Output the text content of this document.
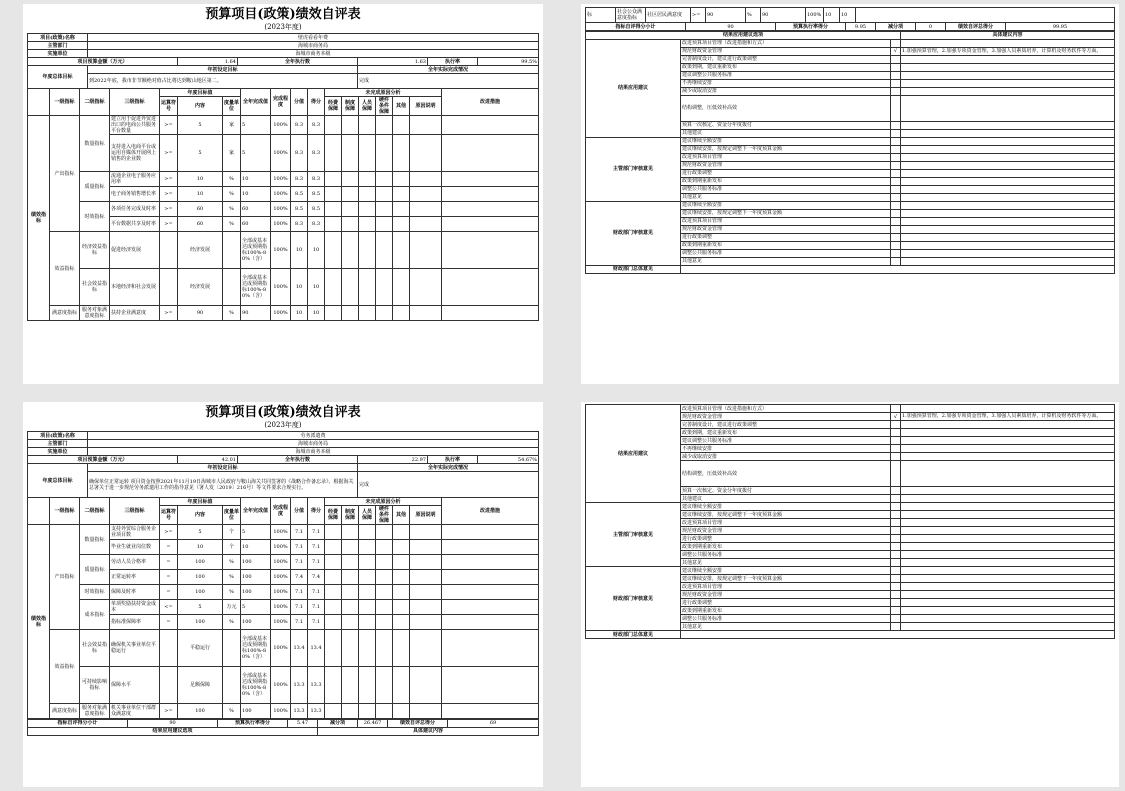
预算项目(政策)绩效自评表
(2023年度)
项目(政策)名称	壁虎看看年费					
主管部门	海城市商务局					
实施单位	海城市商务本级					
项目预算金额（万元）		1.64	全年执行数	1.63	执行率	99.5%
年度总体目标	年初设定目标			全年实际完成情况		
	到2022年底，我市非节额绝对值占比将达到鞍山地区第二。			完成		
	一级指标	二级指标	三级指标	年度目标值			全年完成值	完成程度	分值	得分	未完成原因分析						改进措施
				运算符号	内容	度量单位					经费保障	制度保障	人员保障	硬件条件保障	其他	原因说明	
绩效指标	产出指标	数量指标	建立用于促进外贸进出口的电商公共服务平台数量	>=	5	家	5	100%	8.3	8.3							
			支持进入电商平台或运用自媒体开展网上销售的企业数	>=	5	家	5	100%	8.3	8.3							
		质量指标	流通企业电子服务应用率	>=	10	%	10	100%	8.3	8.3							
			电子商务销售增长率	>=	10	%	10	100%	8.5	8.5							
		时效指标	各项任务完成及时率	>=	60	%	60	100%	8.5	8.5							
			平台数据共享及时率	>=	60	%	60	100%	8.3	8.3							
	效益指标	经济效益指标	促进经济发展		经济发展		全部或基本达成预期指标100%-80%（含）	100%	10	10							
		社会效益指标	本地经济和社会发展		经济发展		全部或基本达成预期指标100%-80%（含）	100%	10	10							
	满意度指标	服务对象满意度指标	扶持企业满意度	>=	90	%	90	100%	10	10							
标	社会公众满意度指标	社区居民满意度	>=	90	%	90	100%	10	10	
指标自评得分小计	90	预算执行率得分	9.95	减分项	0	绩效自评总得分	99.95
结果应用建议选项			具体建议内容
结果应用建议	改进预算项目管理（改进措施和方式）		
	规范财政资金管理	√	1.加强预算管理，2.加强专项资金管理，3.加强人员素质培养，计算机及财务软件等方面。
	完善制度设计，建议进行政策调整		
	政策到期，建议重新发布		
	建议调整公共服务标准		
	不再继续安排		
	减少或取消安排		
	结构调整，压低效补高效		
	预算一次核定、资金分年度拨付		
	其他建议		
主管部门审核意见	建议继续全额安排		
	建议继续安排，按规定调整下一年度预算金额		
	改进预算项目管理		
	规范财政资金管理		
	进行政策调整		
	政策到期重新发布		
	调整公共服务标准		
	其他意见		
财政部门审核意见	建议继续全额安排		
	建议继续安排，按规定调整下一年度预算金额		
	改进预算项目管理		
	规范财政资金管理		
	进行政策调整		
	政策到期重新发布		
	调整公共服务标准		
	其他意见		
财政部门总体意见			
预算项目(政策)绩效自评表
(2023年度)
项目(政策)名称	劳务派遣费					
主管部门	海城市商务局					
实施单位	海城市商务本级					
项目预算金额（万元）		42.01	全年执行数	22.97	执行率	54.67%
年度总体目标	年初设定目标			全年实际完成情况		
	确保单位正常运转 项目资金按照2021年11月19日海城市人民政府与鞍山海关共同签署的《战略合作备忘录》、根据海关总署关于进一步规范劳务派遣用工作的指导意见（署人发〔2019〕216号）等文件要求合规实行。			完成		
	一级指标	二级指标	三级指标	年度目标值			全年完成值	完成程度	分值	得分	未完成原因分析						改进措施
				运算符号	内容	度量单位					经费保障	制度保障	人员保障	硬件条件保障	其他	原因说明	
绩效指标	产出指标	数量指标	支持外贸综合服务企业项目数	>=	5	个	5	100%	7.1	7.1							
			毕业生就业岗位数	=	10	个	10	100%	7.1	7.1							
		质量指标	劳动人员合格率	=	100	%	100	100%	7.1	7.1							
			正常运转率	=	100	%	100	100%	7.4	7.4							
		时效指标	保障及时率	=	100	%	100	100%	7.1	7.1							
		成本指标	单项奖励扶持资金成本	<=	5	万元	5	100%	7.1	7.1							
			指标准保障率	=	100	%	100	100%	7.1	7.1							
	效益指标	社会效益指标	确保机关事业单位平稳运行		平稳运行		全部或基本达成预期指标100%-80%（含）	100%	13.4	13.4							
		可持续影响指标	保障水平		足额保障		全部或基本达成预期指标100%-80%（含）	100%	13.3	13.3							
	满意度指标	服务对象满意度指标	机关事业单位干部群众满意度	>=	100	%	100	100%	13.3	13.3							
指标自评得分小计	90	预算执行率得分	5.47	减分项	26.467	绩效自评总得分	69
结果应用建议选项				具体建议内容			
结果应用建议	改进预算项目管理（改进措施和方式）		
	规范财政资金管理	√	1.加强预算管理，2.加强专项资金管理，3.加强人员素质培养，计算机及财务软件等方面。
	完善制度设计，建议进行政策调整		
	政策到期，建议重新发布		
	建议调整公共服务标准		
	不再继续安排		
	减少或取消安排		
	结构调整，压低效补高效		
	预算一次核定、资金分年度拨付		
	其他建议		
主管部门审核意见	建议继续全额安排		
	建议继续安排，按规定调整下一年度预算金额		
	改进预算项目管理		
	规范财政资金管理		
	进行政策调整		
	政策到期重新发布		
	调整公共服务标准		
	其他意见		
财政部门审核意见	建议继续全额安排		
	建议继续安排，按规定调整下一年度预算金额		
	改进预算项目管理		
	规范财政资金管理		
	进行政策调整		
	政策到期重新发布		
	调整公共服务标准		
	其他意见		
财政部门总体意见			
